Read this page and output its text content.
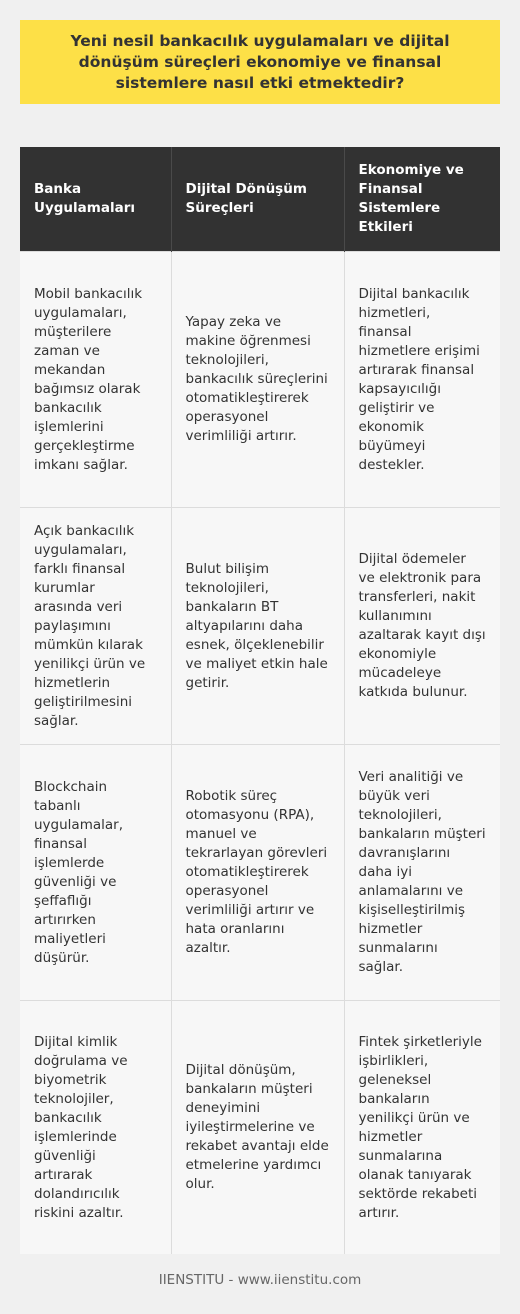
Yeni nesil bankacılık uygulamaları ve dijital dönüşüm süreçleri ekonomiye ve finansal sistemlere nasıl etki etmektedir?
Banka Uygulamaları	Dijital Dönüşüm Süreçleri	Ekonomiye ve Finansal Sistemlere Etkileri
Mobil bankacılık uygulamaları, müşterilere zaman ve mekandan bağımsız olarak bankacılık işlemlerini gerçekleştirme imkanı sağlar.	Yapay zeka ve makine öğrenmesi teknolojileri, bankacılık süreçlerini otomatikleştirerek operasyonel verimliliği artırır.	Dijital bankacılık hizmetleri, finansal hizmetlere erişimi artırarak finansal kapsayıcılığı geliştirir ve ekonomik büyümeyi destekler.
Açık bankacılık uygulamaları, farklı finansal kurumlar arasında veri paylaşımını mümkün kılarak yenilikçi ürün ve hizmetlerin geliştirilmesini sağlar.	Bulut bilişim teknolojileri, bankaların BT altyapılarını daha esnek, ölçeklenebilir ve maliyet etkin hale getirir.	Dijital ödemeler ve elektronik para transferleri, nakit kullanımını azaltarak kayıt dışı ekonomiyle mücadeleye katkıda bulunur.
Blockchain tabanlı uygulamalar, finansal işlemlerde güvenliği ve şeffaflığı artırırken maliyetleri düşürür.	Robotik süreç otomasyonu (RPA), manuel ve tekrarlayan görevleri otomatikleştirerek operasyonel verimliliği artırır ve hata oranlarını azaltır.	Veri analitiği ve büyük veri teknolojileri, bankaların müşteri davranışlarını daha iyi anlamalarını ve kişiselleştirilmiş hizmetler sunmalarını sağlar.
Dijital kimlik doğrulama ve biyometrik teknolojiler, bankacılık işlemlerinde güvenliği artırarak dolandırıcılık riskini azaltır.	Dijital dönüşüm, bankaların müşteri deneyimini iyileştirmelerine ve rekabet avantajı elde etmelerine yardımcı olur.	Fintek şirketleriyle işbirlikleri, geleneksel bankaların yenilikçi ürün ve hizmetler sunmalarına olanak tanıyarak sektörde rekabeti artırır.
IIENSTITU - www.iienstitu.com
